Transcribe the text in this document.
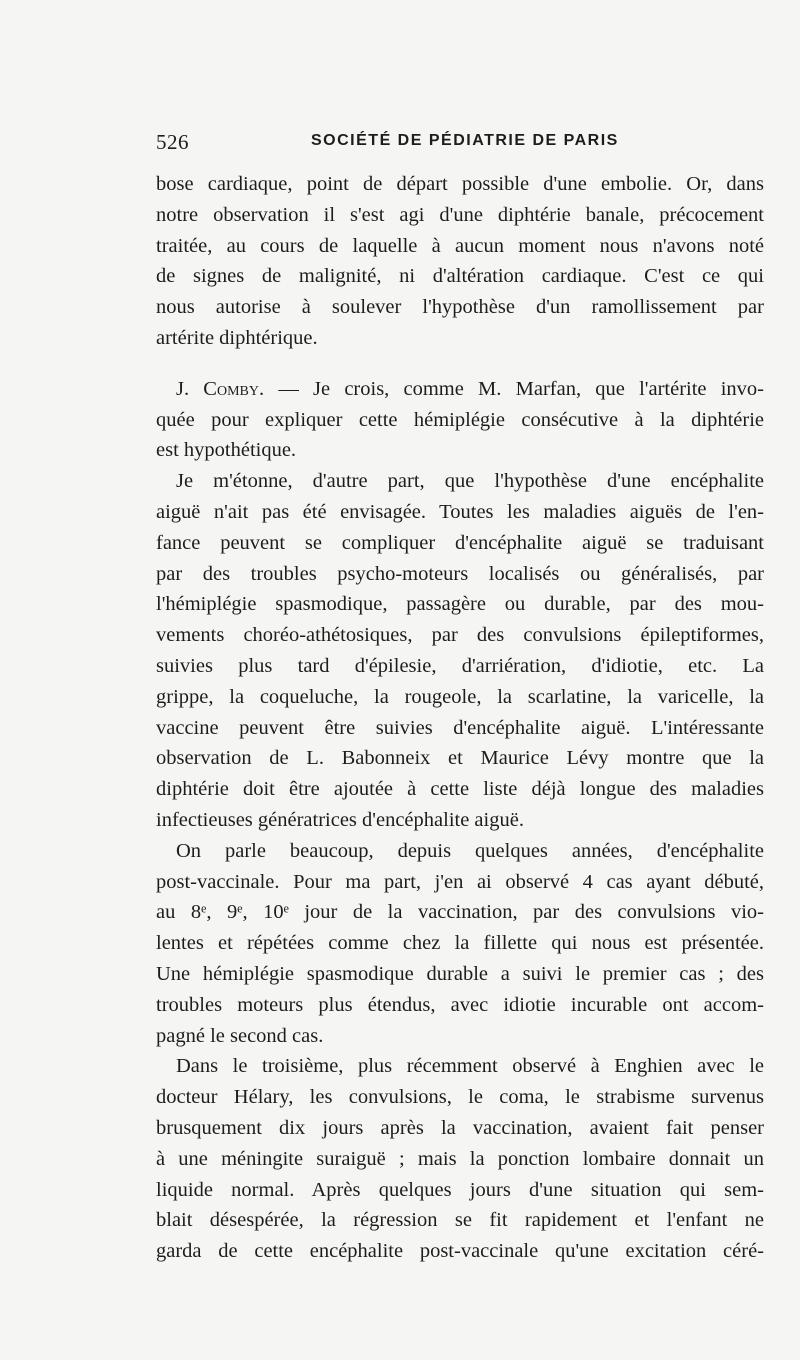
526	SOCIÉTÉ DE PÉDIATRIE DE PARIS
bose cardiaque, point de départ possible d'une embolie. Or, dans
notre observation il s'est agi d'une diphtérie banale, précocement
traitée, au cours de laquelle à aucun moment nous n'avons noté
de signes de malignité, ni d'altération cardiaque. C'est ce qui
nous autorise à soulever l'hypothèse d'un ramollissement par
artérite diphtérique.
J. Comby. — Je crois, comme M. Marfan, que l'artérite invo-
quée pour expliquer cette hémiplégie consécutive à la diphtérie
est hypothétique.
Je m'étonne, d'autre part, que l'hypothèse d'une encéphalite
aiguë n'ait pas été envisagée. Toutes les maladies aiguës de l'en-
fance peuvent se compliquer d'encéphalite aiguë se traduisant
par des troubles psycho-moteurs localisés ou généralisés, par
l'hémiplégie spasmodique, passagère ou durable, par des mou-
vements choréo-athétosiques, par des convulsions épileptiformes,
suivies plus tard d'épilesie, d'arriération, d'idiotie, etc. La
grippe, la coqueluche, la rougeole, la scarlatine, la varicelle, la
vaccine peuvent être suivies d'encéphalite aiguë. L'intéressante
observation de L. Babonneix et Maurice Lévy montre que la
diphtérie doit être ajoutée à cette liste déjà longue des maladies
infectieuses génératrices d'encéphalite aiguë.
On parle beaucoup, depuis quelques années, d'encéphalite
post-vaccinale. Pour ma part, j'en ai observé 4 cas ayant débuté,
au 8ᵉ, 9ᵉ, 10ᵉ jour de la vaccination, par des convulsions vio-
lentes et répétées comme chez la fillette qui nous est présentée.
Une hémiplégie spasmodique durable a suivi le premier cas ; des
troubles moteurs plus étendus, avec idiotie incurable ont accom-
pagné le second cas.
Dans le troisième, plus récemment observé à Enghien avec le
docteur Hélary, les convulsions, le coma, le strabisme survenus
brusquement dix jours après la vaccination, avaient fait penser
à une méningite suraiguë ; mais la ponction lombaire donnait un
liquide normal. Après quelques jours d'une situation qui sem-
blait désespérée, la régression se fit rapidement et l'enfant ne
garda de cette encéphalite post-vaccinale qu'une excitation céré-
